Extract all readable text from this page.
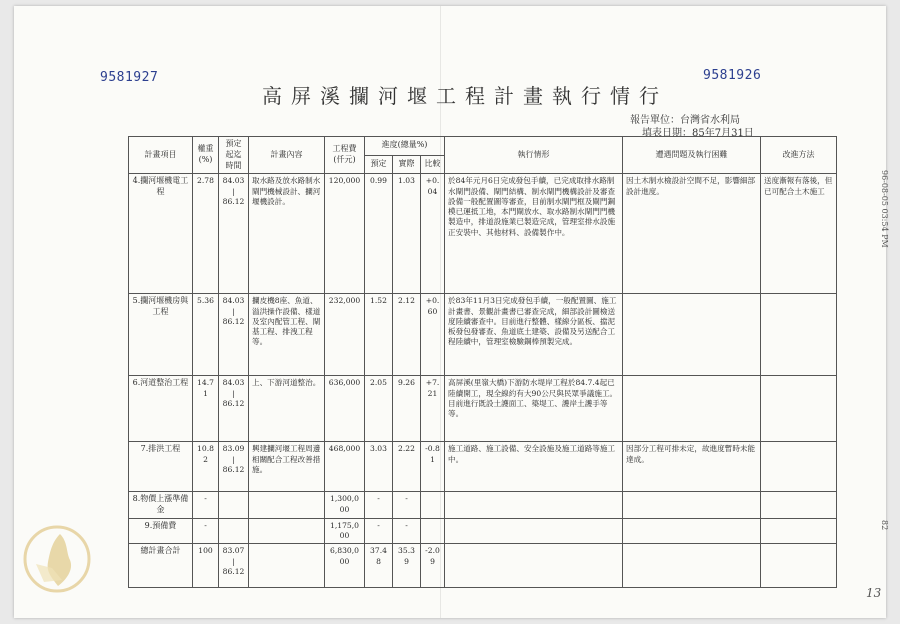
9581927	9581926
高屏溪攔河堰工程計畫執行情行
報告單位：台灣省水利局
填表日期：85年7月31日
96-08-05 03:54 PM
82
13
計畫項目	權重(%)	預定起迄時間	計畫內容	工程費(仟元)	進度(總量%)			執行情形	遭遇問題及執行困難	改進方法
					預定	實際	比較			
4.攔河堰機電工程	2.78	84.03
|
86.12	取水路及放水路制水閘門機械設計、攔河堰機設計。	120,000	0.99	1.03	+0.04	於84年元月6日完成發包手續，已完成取排水路制水閘門設備、閘門結構、制水閘門機構設計及審查設備一般配置圖等審查，目前制水閘門框及閘門鋼模已運抵工地，本門閘放水、取水路制水閘門門機製造中，排道設施業已製造完成，管理室排水設施正安裝中、其他材料、設備製作中。	因土木制水檢設計空間不足，影響細部設計進度。	送度漸報有落後，但已可配合土木施工
5.攔河堰機房與工程	5.36	84.03
|
86.12	攔皮機8座、魚道、溢洪操作設備、樣道及室內配管工程、閘基工程、排洩工程等。	232,000	1.52	2.12	+0.60	於83年11月3日完成發包手續，一般配置圖、施工計畫書、景觀計畫書已審查完成，細部設計圖檢送度陸續審查中。目前進行整體、樣線分區板、擋泥板發包發審查、魚道底土建築、設備及另送配合工程陸續中，管理室檢驗鋼棒預製完成。		
6.河道整治工程	14.71	84.03
|
86.12	上、下游河道整治。	636,000	2.05	9.26	+7.21	高屏溪(里嶺大橋)下游防水堤岸工程於84.7.4起已陸續開工，現全線約有大90公尺與民眾爭議施工。目前進行既設土護面工、築堤工、護岸土護手等等。		
7.排洪工程	10.82	83.09
|
86.12	興建攔河堰工程周邊相關配合工程改善措施。	468,000	3.03	2.22	-0.81	施工道路、施工設備、安全設施及施工道路等施工中。	因部分工程可排未定，故進度暫時未能達成。	
8.物價上漲準備金	-			1,300,000	-	-				
9.預備費	-			1,175,000	-	-				
總計畫合計	100	83.07
|
86.12		6,830,000	37.48	35.39	-2.09			
